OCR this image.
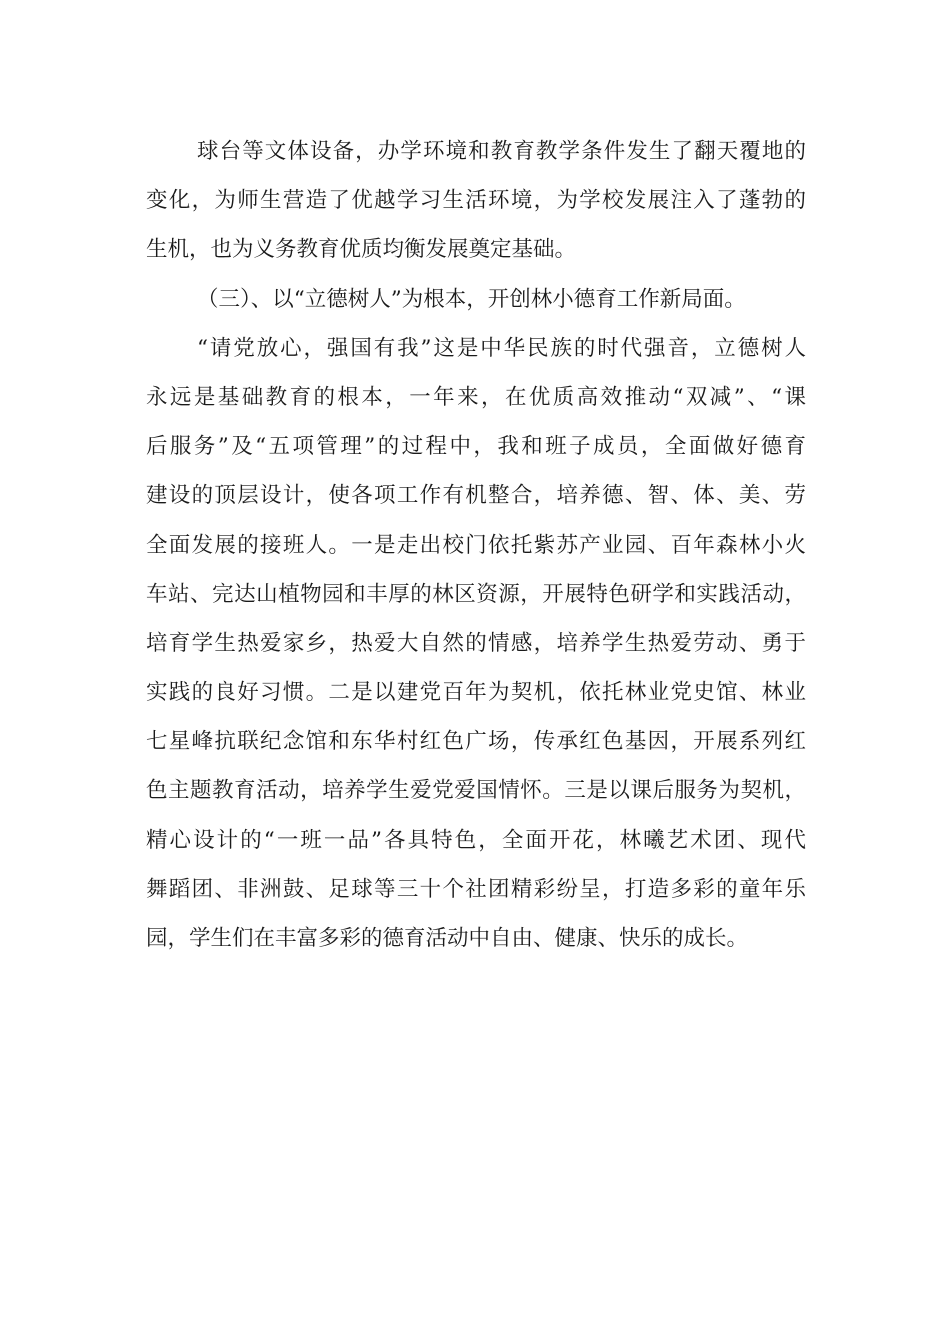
球台等文体设备，办学环境和教育教学条件发生了翻天覆地的
变化，为师生营造了优越学习生活环境，为学校发展注入了蓬勃的
生机，也为义务教育优质均衡发展奠定基础。
（三）、以“立德树人”为根本，开创林小德育工作新局面。
“请党放心，强国有我”这是中华民族的时代强音，立德树人
永远是基础教育的根本，一年来，在优质高效推动“双减”、“课
后服务”及“五项管理”的过程中，我和班子成员，全面做好德育
建设的顶层设计，使各项工作有机整合，培养德、智、体、美、劳
全面发展的接班人。一是走出校门依托紫苏产业园、百年森林小火
车站、完达山植物园和丰厚的林区资源，开展特色研学和实践活动，
培育学生热爱家乡，热爱大自然的情感，培养学生热爱劳动、勇于
实践的良好习惯。二是以建党百年为契机，依托林业党史馆、林业
七星峰抗联纪念馆和东华村红色广场，传承红色基因，开展系列红
色主题教育活动，培养学生爱党爱国情怀。三是以课后服务为契机，
精心设计的“一班一品”各具特色，全面开花，林曦艺术团、现代
舞蹈团、非洲鼓、足球等三十个社团精彩纷呈，打造多彩的童年乐
园，学生们在丰富多彩的德育活动中自由、健康、快乐的成长。
